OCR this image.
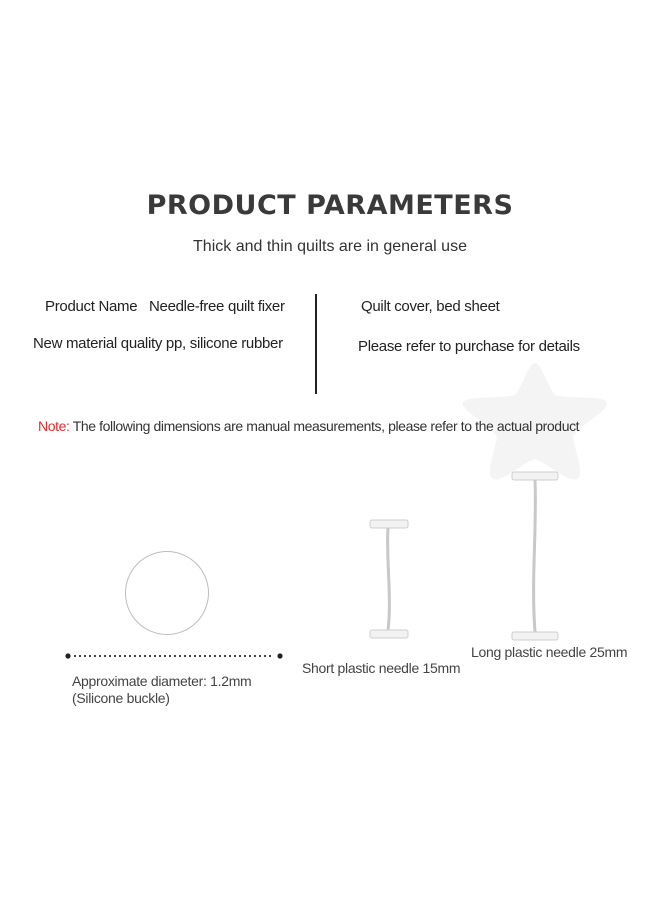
PRODUCT PARAMETERS
Thick and thin quilts are in general use
Product Name Needle-free quilt fixer
New material quality pp, silicone rubber
Quilt cover, bed sheet
Please refer to purchase for details
Note: The following dimensions are manual measurements, please refer to the actual product
Approximate diameter: 1.2mm
(Silicone buckle)
Short plastic needle 15mm
Long plastic needle 25mm
